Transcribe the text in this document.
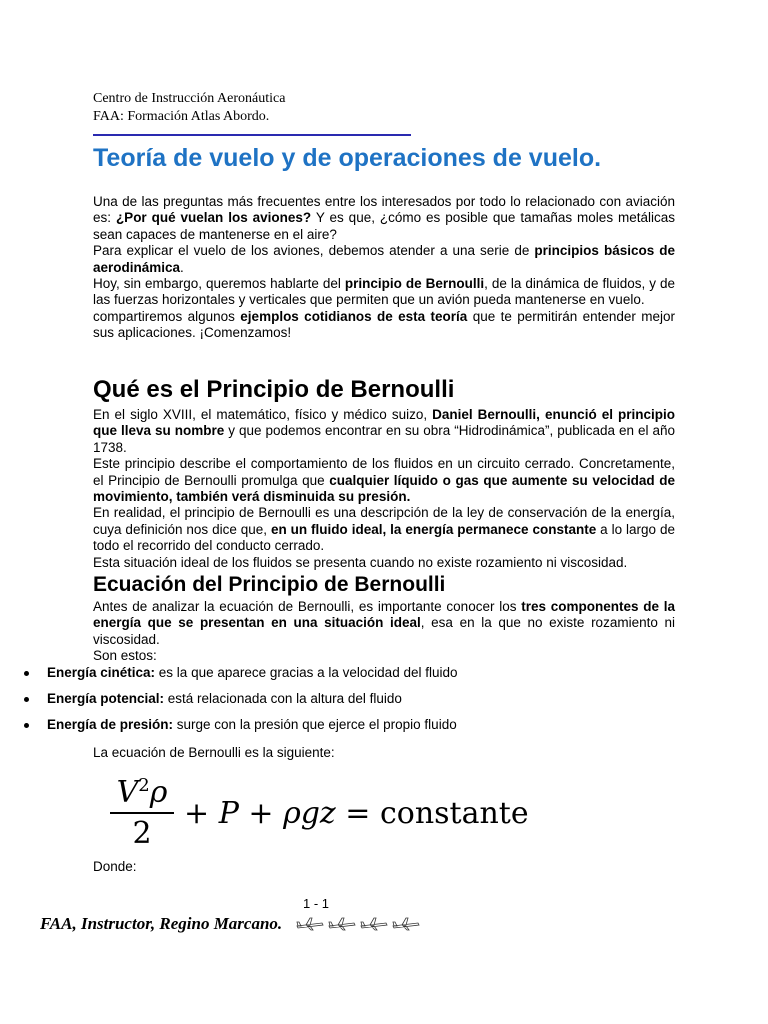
Centro de Instrucción Aeronáutica
FAA: Formación Atlas Abordo.
Teoría de vuelo y de operaciones de vuelo.

Una de las preguntas más frecuentes entre los interesados por todo lo relacionado con aviación es: ¿Por qué vuelan los aviones? Y es que, ¿cómo es posible que tamañas moles metálicas sean capaces de mantenerse en el aire?

Para explicar el vuelo de los aviones, debemos atender a una serie de principios básicos de aerodinámica.

Hoy, sin embargo, queremos hablarte del principio de Bernoulli, de la dinámica de fluidos, y de las fuerzas horizontales y verticales que permiten que un avión pueda mantenerse en vuelo.

compartiremos algunos ejemplos cotidianos de esta teoría que te permitirán entender mejor sus aplicaciones. ¡Comenzamos!

Qué es el Principio de Bernoulli

En el siglo XVIII, el matemático, físico y médico suizo, Daniel Bernoulli, enunció el principio que lleva su nombre y que podemos encontrar en su obra “Hidrodinámica”, publicada en el año 1738.

Este principio describe el comportamiento de los fluidos en un circuito cerrado. Concretamente, el Principio de Bernoulli promulga que cualquier líquido o gas que aumente su velocidad de movimiento, también verá disminuida su presión.

En realidad, el principio de Bernoulli es una descripción de la ley de conservación de la energía, cuya definición nos dice que, en un fluido ideal, la energía permanece constante a lo largo de todo el recorrido del conducto cerrado.

Esta situación ideal de los fluidos se presenta cuando no existe rozamiento ni viscosidad.

Ecuación del Principio de Bernoulli

Antes de analizar la ecuación de Bernoulli, es importante conocer los tres componentes de la energía que se presentan en una situación ideal, esa en la que no existe rozamiento ni viscosidad.

Son estos:

Energía cinética: es la que aparece gracias a la velocidad del fluido
Energía potencial: está relacionada con la altura del fluido
Energía de presión: surge con la presión que ejerce el propio fluido
La ecuación de Bernoulli es la siguiente:
$\frac{V^2\rho}{2} + P + \rho gz$ = constante
Donde:
1 - 1
FAA, Instructor, Regino Marcano.
